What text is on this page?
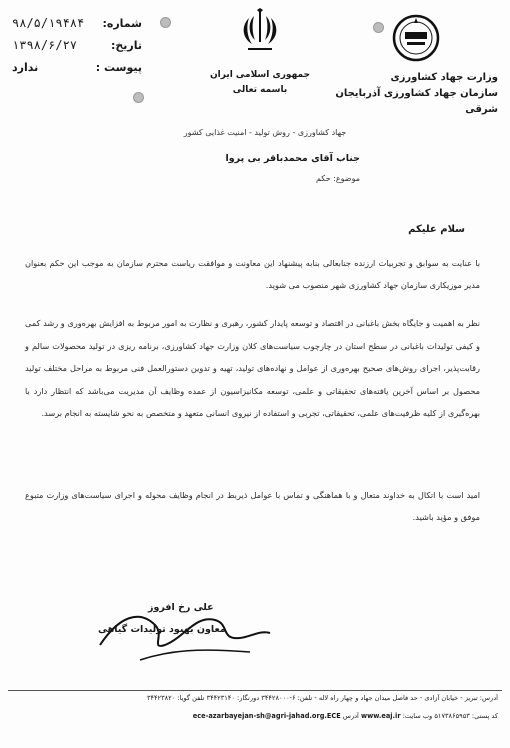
شماره:
۹۸/۵/۱۹۴۸۴
تاریخ:
۱۳۹۸/۶/۲۷
پیوست :
ندارد
جمهوری اسلامی ایران
باسمه تعالی
وزارت جهاد کشاورزی
سازمان جهاد کشاورزی آذربایجان شرقی
جهاد کشاورزی - روش تولید - امنیت غذایی کشور
جناب آقای محمدباقر بی پروا
موضوع: حکم
سلام علیکم
با عنایت به سوابق و تجربیات ارزنده جنابعالی بنابه پیشنهاد این معاونت و موافقت ریاست محترم سازمان به موجب این حکم بعنوان مدیر موزیکاری سازمان جهاد کشاورزی شهر منصوب می شوید.
نظر به اهمیت و جایگاه بخش باغبانی در اقتصاد و توسعه پایدار کشور، رهبری و نظارت به امور مربوط به افزایش بهره‌وری و رشد کمی و کیفی تولیدات باغبانی در سطح استان در چارچوب سیاست‌های کلان وزارت جهاد کشاورزی، برنامه ریزی در تولید محصولات سالم و رقابت‌پذیر، اجرای روش‌های صحیح بهره‌وری از عوامل و نهاده‌های تولید، تهیه و تدوین دستورالعمل فنی مربوط به مراحل مختلف تولید محصول بر اساس آخرین یافته‌های تحقیقاتی و علمی، توسعه مکانیزاسیون از عمده وظایف آن مدیریت می‌باشد که انتظار دارد با بهره‌گیری از کلیه ظرفیت‌های علمی، تحقیقاتی، تجربی و استفاده از نیروی انسانی متعهد و متخصص به نحو شایسته به انجام برسد.
امید است با اتکال به خداوند متعال و با هماهنگی و تماس با عوامل ذیربط در انجام وظایف محوله و اجرای سیاست‌های وزارت متبوع موفق و مؤید باشید.
علی رخ افروز
معاون بهبود تولیدات گیاهی
آدرس: تبریز - خیابان آزادی - حد فاصل میدان جهاد و چهار راه لاله - تلفن: ۶-۳۴۴۲۸۰۰۰ دورنگار: ۳۴۴۲۳۱۴۰ تلفن گویا: ۳۴۴۲۳۸۲۰
کد پستی: ۵۱۷۳۸۶۵۹۵۳ وب سایت: www.eaj.ir آدرس ece-azarbayejan-sh@agri-jahad.org.ECE
